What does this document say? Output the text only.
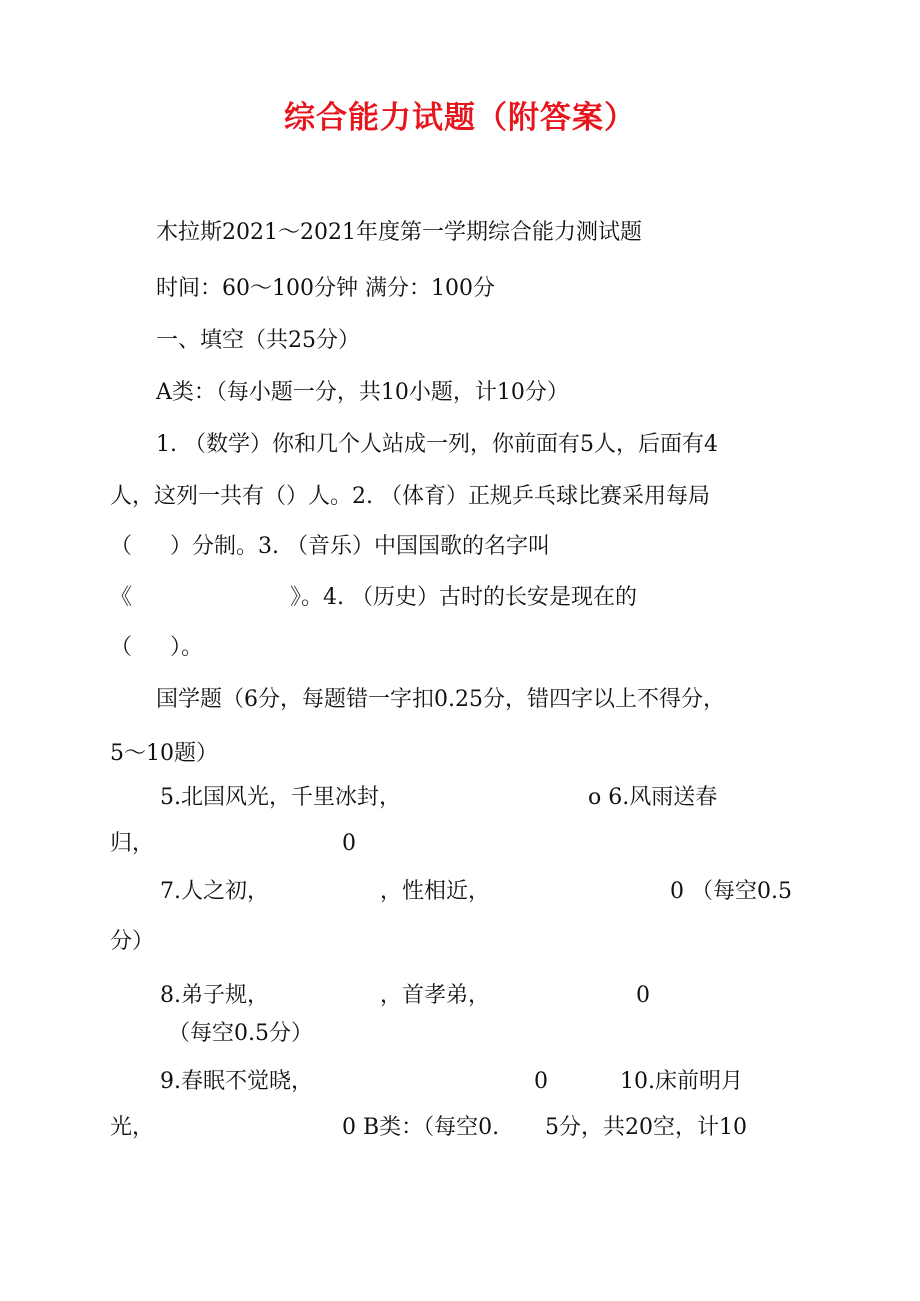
综合能力试题（附答案）
木拉斯2021〜2021年度第一学期综合能力测试题
时间：60〜100分钟 满分：100分
一、填空（共25分）
A类：（每小题一分，共10小题，计10分）
1. （数学）你和几个人站成一列，你前面有5人，后面有4
人，这列一共有（）人。2. （体育）正规乒乓球比赛采用每局
（ ）分制。3. （音乐）中国国歌的名字叫
《	》。4. （历史）古时的长安是现在的
（ ）。
国学题（6分，每题错一字扣0.25分，错四字以上不得分，
5〜10题）
5.北国风光，千里冰封，	o 6.风雨送春
归，	0
7.人之初，	，性相近，	0 （每空0.5
分）
8.弟子规，	，首孝弟，	0
（每空0.5分）
9.春眠不觉晓，	0	10.床前明月
光，	0 B类：（每空0. 5分，共20空，计10
